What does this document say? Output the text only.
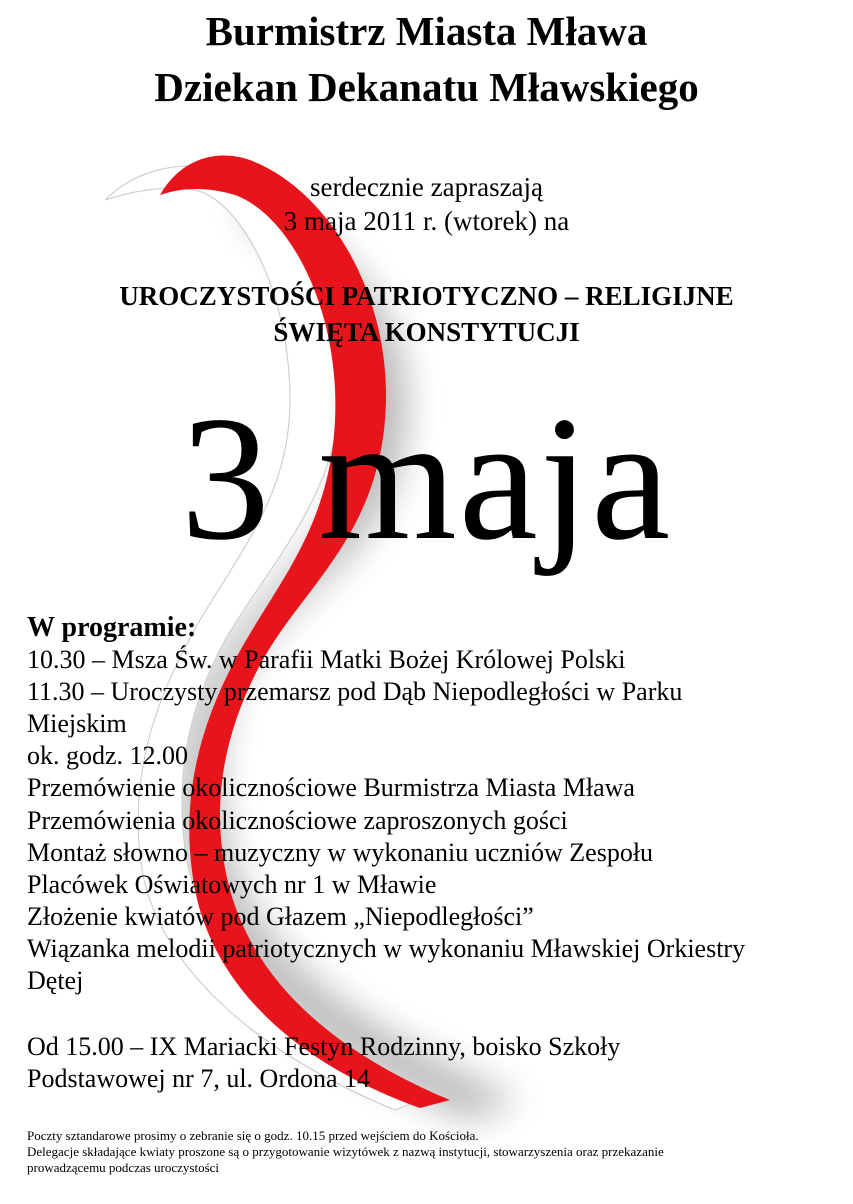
Burmistrz Miasta Mława
Dziekan Dekanatu Mławskiego

serdecznie zapraszają

3 maja 2011 r. (wtorek) na

UROCZYSTOŚCI PATRIOTYCZNO – RELIGIJNE

ŚWIĘTA KONSTYTUCJI

3 maja

W programie:

10.30 – Msza Św. w Parafii Matki Bożej Królowej Polski

11.30 – Uroczysty przemarsz pod Dąb Niepodległości w Parku

Miejskim

ok. godz. 12.00

Przemówienie okolicznościowe Burmistrza Miasta Mława

Przemówienia okolicznościowe zaproszonych gości

Montaż słowno – muzyczny w wykonaniu uczniów Zespołu

Placówek Oświatowych nr 1 w Mławie

Złożenie kwiatów pod Głazem „Niepodległości”

Wiązanka melodii patriotycznych w wykonaniu Mławskiej Orkiestry

Dętej

Od 15.00 – IX Mariacki Festyn Rodzinny, boisko Szkoły

Podstawowej nr 7, ul. Ordona 14

Poczty sztandarowe prosimy o zebranie się o godz. 10.15 przed wejściem do Kościoła.

Delegacje składające kwiaty proszone są o przygotowanie wizytówek z nazwą instytucji, stowarzyszenia oraz przekazanie

prowadzącemu podczas uroczystości
